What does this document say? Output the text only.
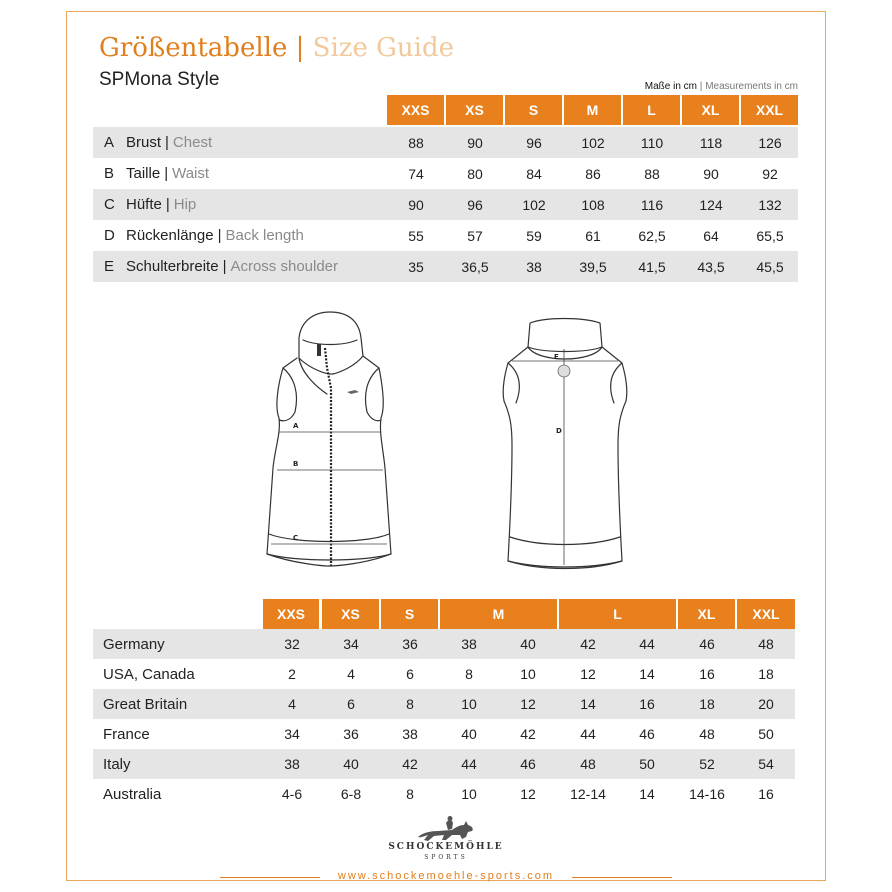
Größentabelle | Size Guide
SPMona Style	Maße in cm | Measurements in cm
XXS	XS	S	M	L	XL	XXL
A Brust | Chest	88	90	96	102	110	118	126
B Taille | Waist	74	80	84	86	88	90	92
C Hüfte | Hip	90	96	102	108	116	124	132
D Rückenlänge | Back length	55	57	59	61	62,5	64	65,5
E Schulterbreite | Across shoulder	35	36,5	38	39,5	41,5	43,5	45,5
A
B
C
E
D
XXS	XS	S	M	L	XL	XXL
Germany	32	34	36	38	40	42	44	46	48
USA, Canada	2	4	6	8	10	12	14	16	18
Great Britain	4	6	8	10	12	14	16	18	20
France	34	36	38	40	42	44	46	48	50
Italy	38	40	42	44	46	48	50	52	54
Australia	4-6	6-8	8	10	12	12-14	14	14-16	16
SCHOCKEMÖHLE
SPORTS
www.schockemoehle-sports.com
